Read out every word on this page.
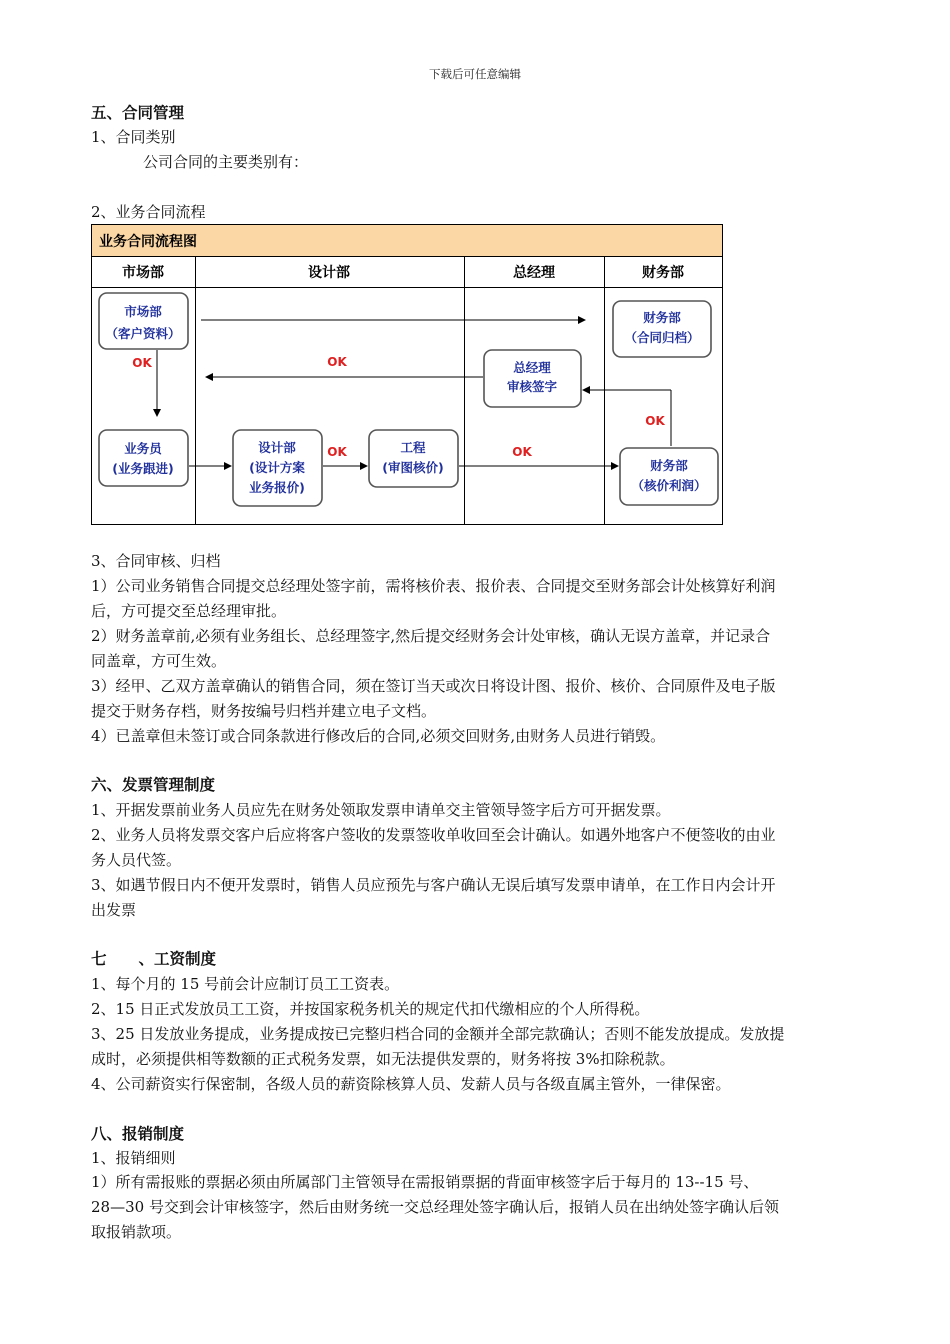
下载后可任意编辑
五、合同管理
1、合同类别
公司合同的主要类别有：
2、业务合同流程
业务合同流程图
市场部	设计部	总经理	财务部
市场部
（客户资料）
业务员
(业务跟进)
设计部
(设计方案
业务报价)
工程
(审图核价)
总经理
审核签字
财务部
（合同归档）
财务部
（核价利润）
OK	OK
OK	OK
OK
3、合同审核、归档
1）公司业务销售合同提交总经理处签字前，需将核价表、报价表、合同提交至财务部会计处核算好利润
后，方可提交至总经理审批。
2）财务盖章前,必须有业务组长、总经理签字,然后提交经财务会计处审核，确认无误方盖章，并记录合
同盖章，方可生效。
3）经甲、乙双方盖章确认的销售合同，须在签订当天或次日将设计图、报价、核价、合同原件及电子版
提交于财务存档，财务按编号归档并建立电子文档。
4）已盖章但未签订或合同条款进行修改后的合同,必须交回财务,由财务人员进行销毁。
六、发票管理制度
1、开据发票前业务人员应先在财务处领取发票申请单交主管领导签字后方可开据发票。
2、业务人员将发票交客户后应将客户签收的发票签收单收回至会计确认。如遇外地客户不便签收的由业
务人员代签。
3、如遇节假日内不便开发票时，销售人员应预先与客户确认无误后填写发票申请单，在工作日内会计开
出发票
七 、工资制度
1、每个月的 15 号前会计应制订员工工资表。
2、15 日正式发放员工工资，并按国家税务机关的规定代扣代缴相应的个人所得税。
3、25 日发放业务提成，业务提成按已完整归档合同的金额并全部完款确认；否则不能发放提成。发放提
成时，必须提供相等数额的正式税务发票，如无法提供发票的，财务将按 3%扣除税款。
4、公司薪资实行保密制，各级人员的薪资除核算人员、发薪人员与各级直属主管外，一律保密。
八、报销制度
1、报销细则
1）所有需报账的票据必须由所属部门主管领导在需报销票据的背面审核签字后于每月的 13--15 号、
28—30 号交到会计审核签字，然后由财务统一交总经理处签字确认后，报销人员在出纳处签字确认后领
取报销款项。
